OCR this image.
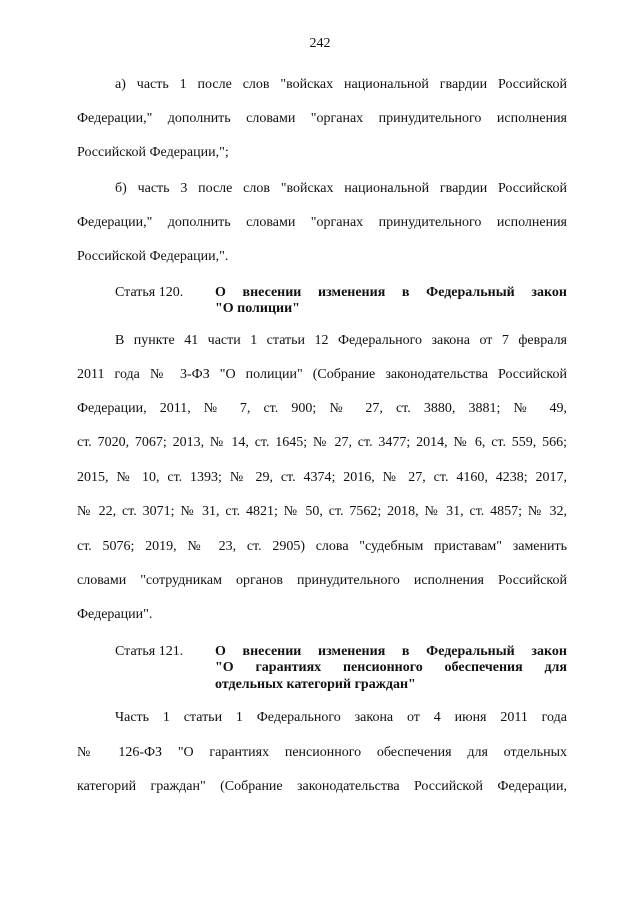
242
а) часть 1 после слов "войсках национальной гвардии Российской
Федерации," дополнить словами "органах принудительного исполнения
Российской Федерации,";
б) часть 3 после слов "войсках национальной гвардии Российской
Федерации," дополнить словами "органах принудительного исполнения
Российской Федерации,".
Статья 120. О внесении изменения в Федеральный закон
"О полиции"
В пункте 41 части 1 статьи 12 Федерального закона от 7 февраля
2011 года № 3-ФЗ "О полиции" (Собрание законодательства Российской
Федерации, 2011, № 7, ст. 900; № 27, ст. 3880, 3881; № 49,
ст. 7020, 7067; 2013, № 14, ст. 1645; № 27, ст. 3477; 2014, № 6, ст. 559, 566;
2015, № 10, ст. 1393; № 29, ст. 4374; 2016, № 27, ст. 4160, 4238; 2017,
№ 22, ст. 3071; № 31, ст. 4821; № 50, ст. 7562; 2018, № 31, ст. 4857; № 32,
ст. 5076; 2019, № 23, ст. 2905) слова "судебным приставам" заменить
словами "сотрудникам органов принудительного исполнения Российской
Федерации".
Статья 121. О внесении изменения в Федеральный закон
"О гарантиях пенсионного обеспечения для
отдельных категорий граждан"
Часть 1 статьи 1 Федерального закона от 4 июня 2011 года
№ 126-ФЗ "О гарантиях пенсионного обеспечения для отдельных
категорий граждан" (Собрание законодательства Российской Федерации,
